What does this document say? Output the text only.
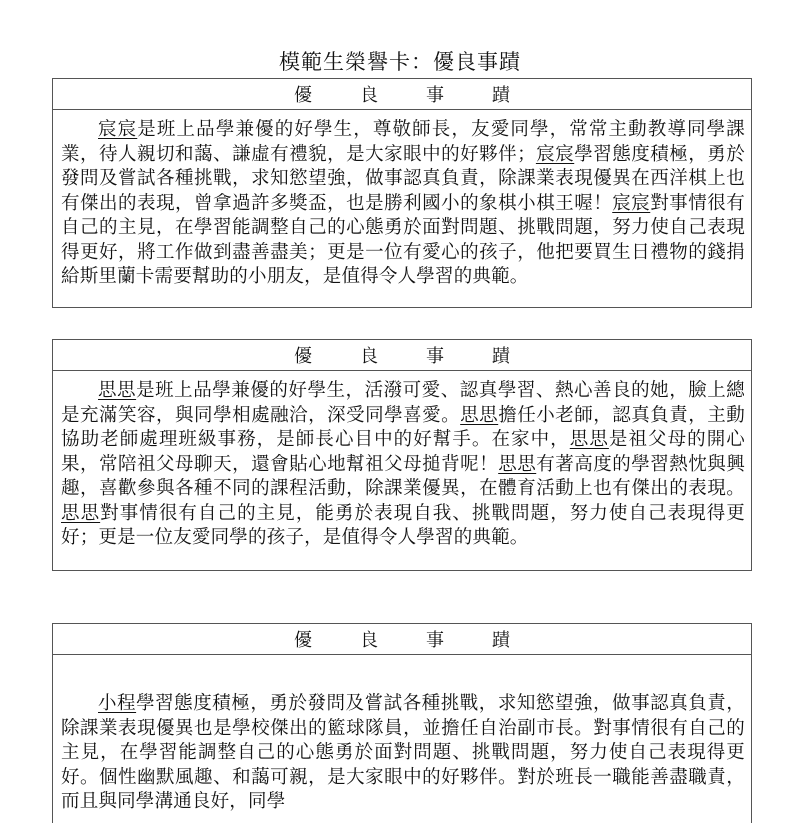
模範生榮譽卡：優良事蹟
優	良	事	蹟
宸宸是班上品學兼優的好學生，尊敬師長，友愛同學，常常主動教導同學課業，待人親切和藹、謙虛有禮貌，是大家眼中的好夥伴；宸宸學習態度積極，勇於發問及嘗試各種挑戰，求知慾望強，做事認真負責，除課業表現優異在西洋棋上也有傑出的表現，曾拿過許多獎盃，也是勝利國小的象棋小棋王喔！宸宸對事情很有自己的主見，在學習能調整自己的心態勇於面對問題、挑戰問題，努力使自己表現得更好，將工作做到盡善盡美；更是一位有愛心的孩子，他把要買生日禮物的錢捐給斯里蘭卡需要幫助的小朋友，是值得令人學習的典範。
優	良	事	蹟
思思是班上品學兼優的好學生，活潑可愛、認真學習、熱心善良的她，臉上總是充滿笑容，與同學相處融洽，深受同學喜愛。思思擔任小老師，認真負責，主動協助老師處理班級事務，是師長心目中的好幫手。在家中，思思是祖父母的開心果，常陪祖父母聊天，還會貼心地幫祖父母搥背呢！思思有著高度的學習熱忱與興趣，喜歡參與各種不同的課程活動，除課業優異，在體育活動上也有傑出的表現。思思對事情很有自己的主見，能勇於表現自我、挑戰問題，努力使自己表現得更好；更是一位友愛同學的孩子，是值得令人學習的典範。
優	良	事	蹟
小程學習態度積極，勇於發問及嘗試各種挑戰，求知慾望強，做事認真負責，除課業表現優異也是學校傑出的籃球隊員，並擔任自治副市長。對事情很有自己的主見，在學習能調整自己的心態勇於面對問題、挑戰問題，努力使自己表現得更好。個性幽默風趣、和藹可親，是大家眼中的好夥伴。對於班長一職能善盡職責，而且與同學溝通良好，同學
